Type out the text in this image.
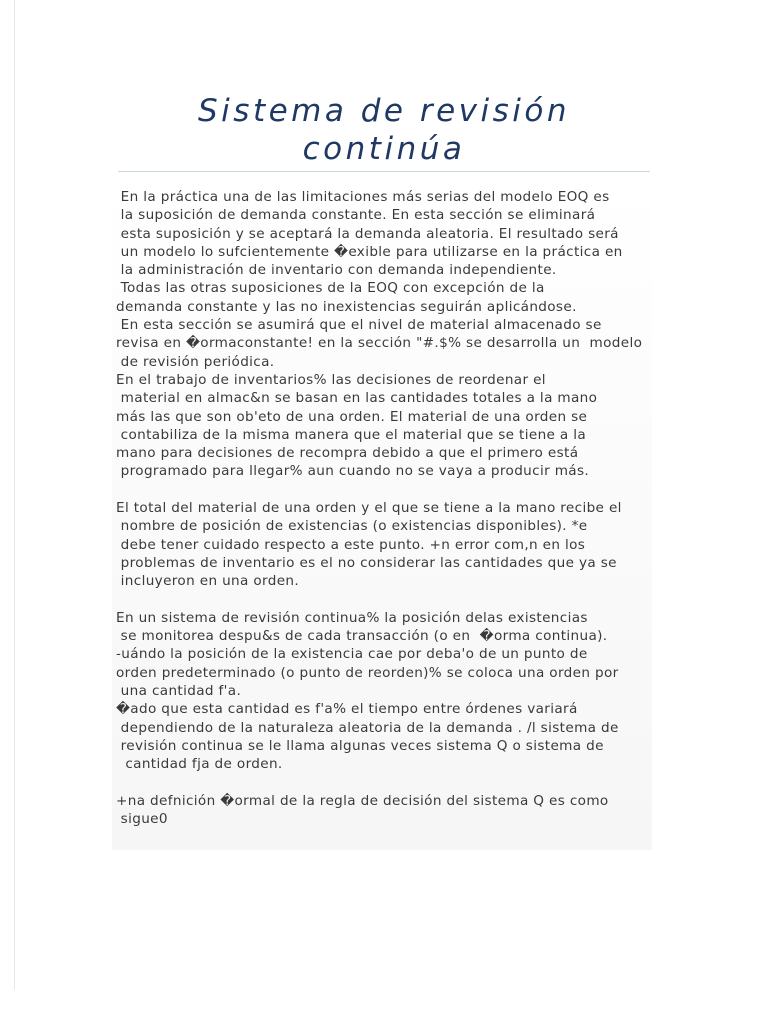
Sistema de revisión
continúa
En la práctica una de las limitaciones más serias del modelo EOQ es
la suposición de demanda constante. En esta sección se eliminará
esta suposición y se aceptará la demanda aleatoria. El resultado será
un modelo lo sufcientemente �exible para utilizarse en la práctica en
la administración de inventario con demanda independiente.
Todas las otras suposiciones de la EOQ con excepción de la
demanda constante y las no inexistencias seguirán aplicándose.
En esta sección se asumirá que el nivel de material almacenado se
revisa en �ormaconstante! en la sección "#.$% se desarrolla un  modelo
de revisión periódica.
En el trabajo de inventarios% las decisiones de reordenar el
material en almac&n se basan en las cantidades totales a la mano
más las que son ob'eto de una orden. El material de una orden se
contabiliza de la misma manera que el material que se tiene a la
mano para decisiones de recompra debido a que el primero está
programado para llegar% aun cuando no se vaya a producir más.
El total del material de una orden y el que se tiene a la mano recibe el
nombre de posición de existencias (o existencias disponibles). *e
debe tener cuidado respecto a este punto. +n error com,n en los
problemas de inventario es el no considerar las cantidades que ya se
incluyeron en una orden.
En un sistema de revisión continua% la posición delas existencias
se monitorea despu&s de cada transacción (o en  �orma continua).
-uándo la posición de la existencia cae por deba'o de un punto de
orden predeterminado (o punto de reorden)% se coloca una orden por
una cantidad f'a.
�ado que esta cantidad es f'a% el tiempo entre órdenes variará
dependiendo de la naturaleza aleatoria de la demanda . /l sistema de
revisión continua se le llama algunas veces sistema Q o sistema de
cantidad fja de orden.
+na defnición �ormal de la regla de decisión del sistema Q es como
sigue0
